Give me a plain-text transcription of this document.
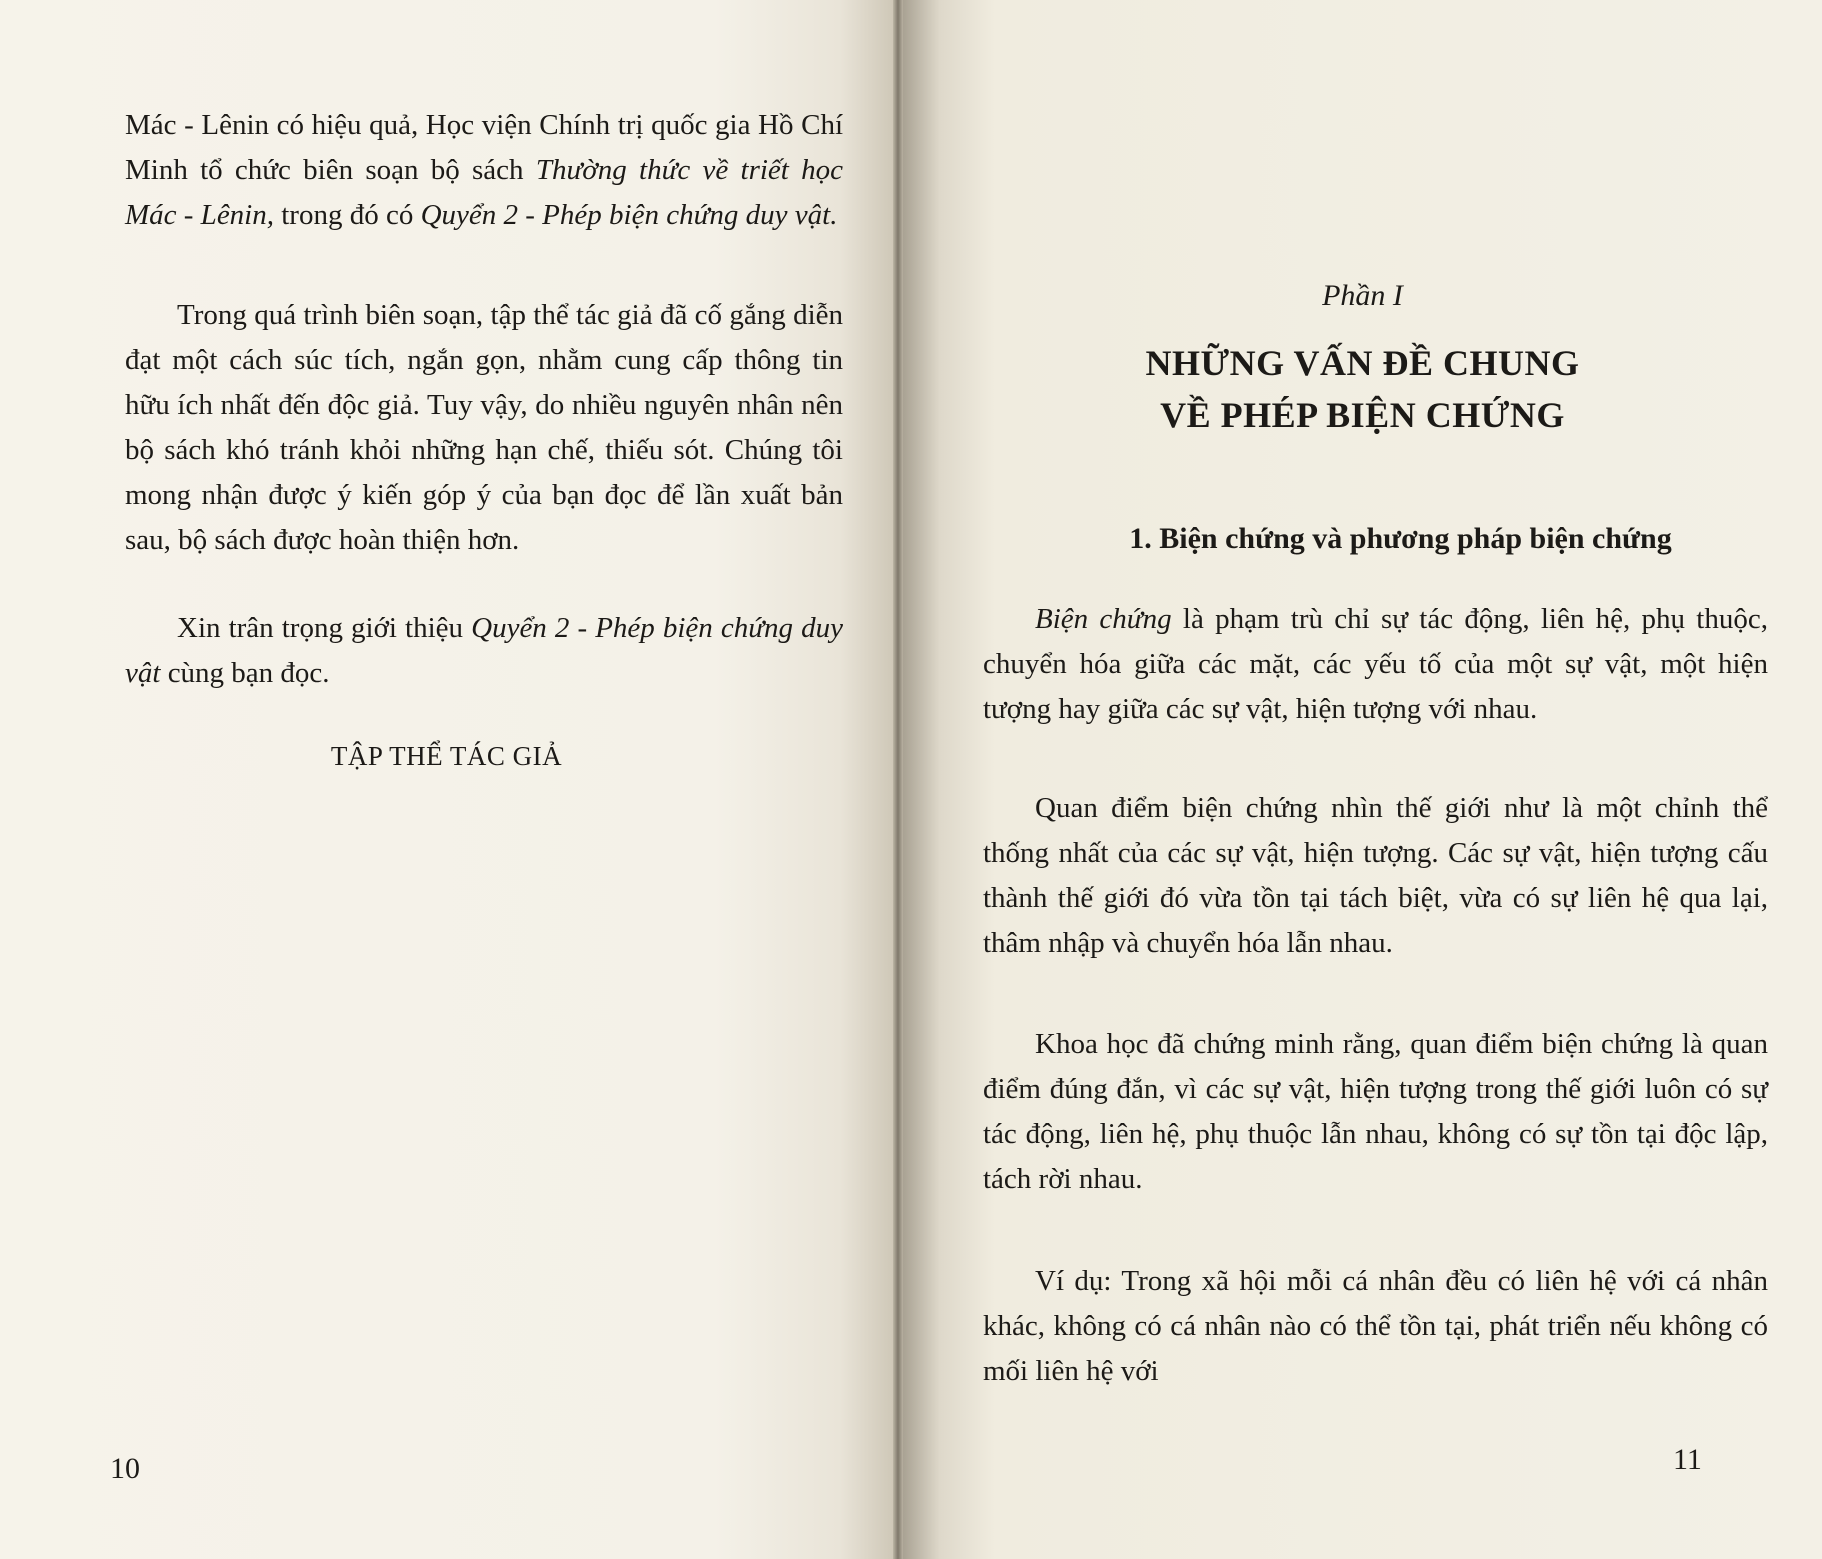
Mác - Lênin có hiệu quả, Học viện Chính trị quốc gia Hồ Chí Minh tổ chức biên soạn bộ sách Thường thức về triết học Mác - Lênin, trong đó có Quyển 2 - Phép biện chứng duy vật.

Trong quá trình biên soạn, tập thể tác giả đã cố gắng diễn đạt một cách súc tích, ngắn gọn, nhằm cung cấp thông tin hữu ích nhất đến độc giả. Tuy vậy, do nhiều nguyên nhân nên bộ sách khó tránh khỏi những hạn chế, thiếu sót. Chúng tôi mong nhận được ý kiến góp ý của bạn đọc để lần xuất bản sau, bộ sách được hoàn thiện hơn.

Xin trân trọng giới thiệu Quyển 2 - Phép biện chứng duy vật cùng bạn đọc.

TẬP THỂ TÁC GIẢ
10
Phần I
NHỮNG VẤN ĐỀ CHUNG
VỀ PHÉP BIỆN CHỨNG
1. Biện chứng và phương pháp biện chứng

Biện chứng là phạm trù chỉ sự tác động, liên hệ, phụ thuộc, chuyển hóa giữa các mặt, các yếu tố của một sự vật, một hiện tượng hay giữa các sự vật, hiện tượng với nhau.

Quan điểm biện chứng nhìn thế giới như là một chỉnh thể thống nhất của các sự vật, hiện tượng. Các sự vật, hiện tượng cấu thành thế giới đó vừa tồn tại tách biệt, vừa có sự liên hệ qua lại, thâm nhập và chuyển hóa lẫn nhau.

Khoa học đã chứng minh rằng, quan điểm biện chứng là quan điểm đúng đắn, vì các sự vật, hiện tượng trong thế giới luôn có sự tác động, liên hệ, phụ thuộc lẫn nhau, không có sự tồn tại độc lập, tách rời nhau.

Ví dụ: Trong xã hội mỗi cá nhân đều có liên hệ với cá nhân khác, không có cá nhân nào có thể tồn tại, phát triển nếu không có mối liên hệ với

11
